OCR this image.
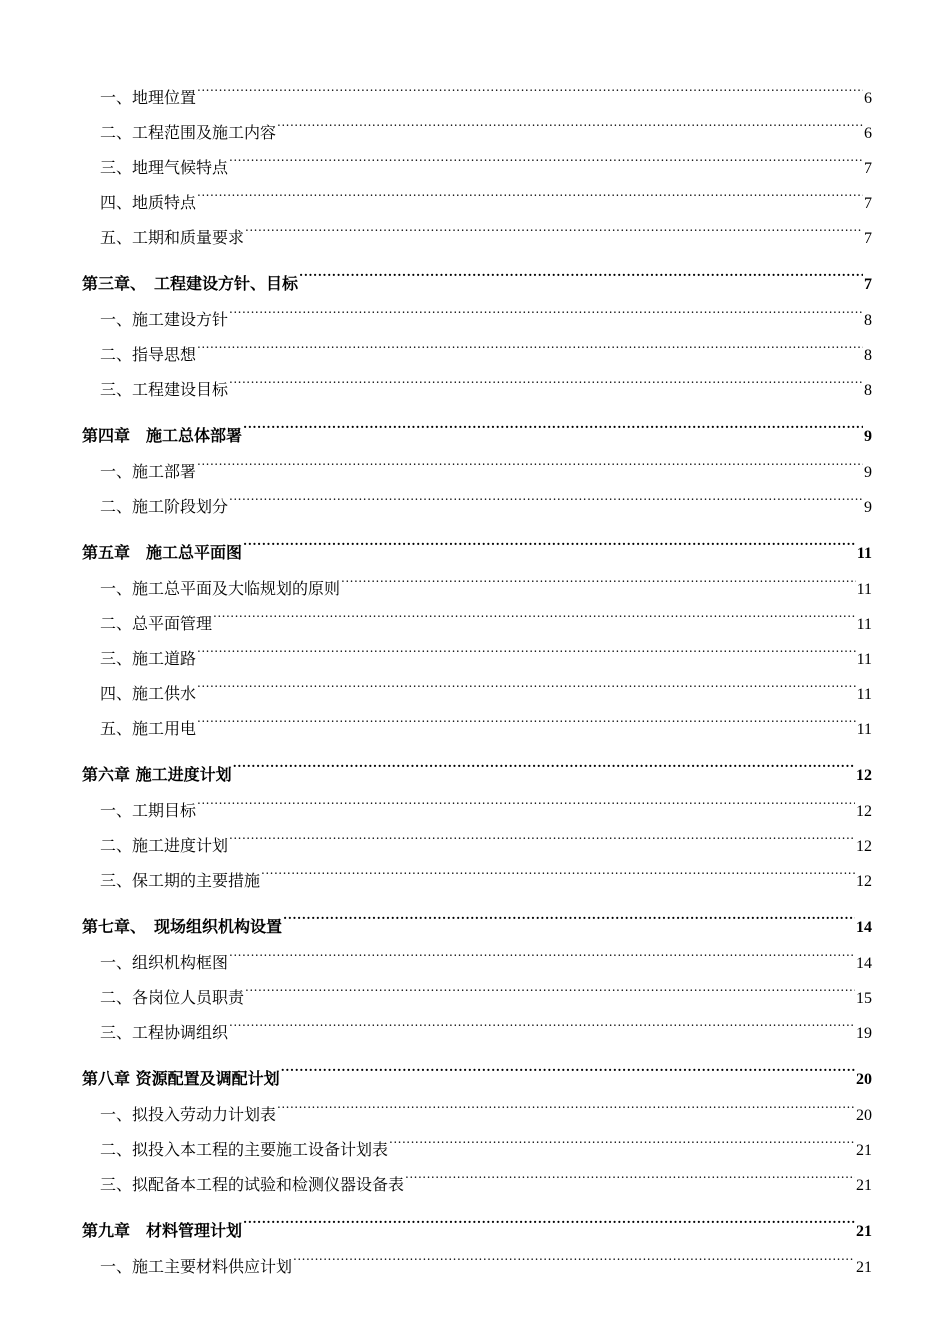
一、地理位置 .....	6
二、工程范围及施工内容 .....	6
三、地理气候特点 .....	7
四、地质特点 .....	7
五、工期和质量要求 .....	7
第三章、　工程建设方针、目标 .....	7
一、施工建设方针 .....	8
二、指导思想 .....	8
三、工程建设目标 .....	8
第四章　施工总体部署 .....	9
一、施工部署 .....	9
二、施工阶段划分 .....	9
第五章　施工总平面图 .....	11
一、施工总平面及大临规划的原则 .....	11
二、总平面管理 .....	11
三、施工道路 .....	11
四、施工供水 .....	11
五、施工用电 .....	11
第六章 施工进度计划 .....	12
一、工期目标 .....	12
二、施工进度计划 .....	12
三、保工期的主要措施 .....	12
第七章、　现场组织机构设置 .....	14
一、组织机构框图 .....	14
二、各岗位人员职责 .....	15
三、工程协调组织 .....	19
第八章 资源配置及调配计划 .....	20
一、拟投入劳动力计划表 .....	20
二、拟投入本工程的主要施工设备计划表 .....	21
三、拟配备本工程的试验和检测仪器设备表 .....	21
第九章　材料管理计划 .....	21
一、施工主要材料供应计划 .....	21
